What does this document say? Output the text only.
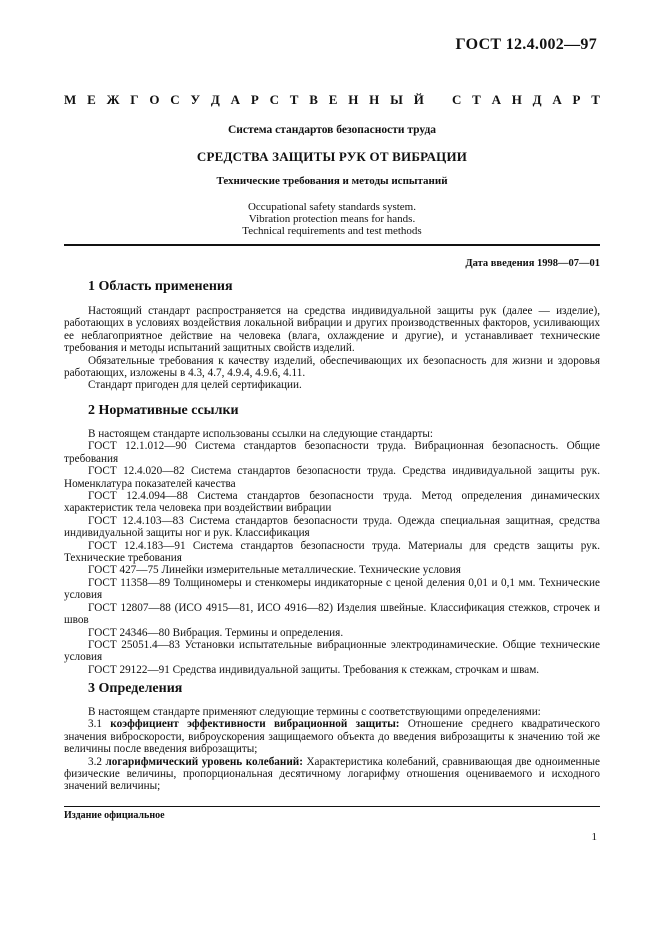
ГОСТ 12.4.002—97
М Е Ж Г О С У Д А Р С Т В Е Н Н Ы Й С Т А Н Д А Р Т
Система стандартов безопасности труда
СРЕДСТВА ЗАЩИТЫ РУК ОТ ВИБРАЦИИ
Технические требования и методы испытаний
Occupational safety standards system.
Vibration protection means for hands.
Technical requirements and test methods
Дата введения 1998—07—01
1 Область применения

Настоящий стандарт распространяется на средства индивидуальной защиты рук (далее — изделие), работающих в условиях воздействия локальной вибрации и других производственных факторов, усиливающих ее неблагоприятное действие на человека (влага, охлаждение и другие), и устанавливает технические требования и методы испытаний защитных свойств изделий.

Обязательные требования к качеству изделий, обеспечивающих их безопасность для жизни и здоровья работающих, изложены в 4.3, 4.7, 4.9.4, 4.9.6, 4.11.

Стандарт пригоден для целей сертификации.

2 Нормативные ссылки

В настоящем стандарте использованы ссылки на следующие стандарты:

ГОСТ 12.1.012—90 Система стандартов безопасности труда. Вибрационная безопасность. Общие требования

ГОСТ 12.4.020—82 Система стандартов безопасности труда. Средства индивидуальной защиты рук. Номенклатура показателей качества

ГОСТ 12.4.094—88 Система стандартов безопасности труда. Метод определения динамических характеристик тела человека при воздействии вибрации

ГОСТ 12.4.103—83 Система стандартов безопасности труда. Одежда специальная защитная, средства индивидуальной защиты ног и рук. Классификация

ГОСТ 12.4.183—91 Система стандартов безопасности труда. Материалы для средств защиты рук. Технические требования

ГОСТ 427—75 Линейки измерительные металлические. Технические условия

ГОСТ 11358—89 Толщиномеры и стенкомеры индикаторные с ценой деления 0,01 и 0,1 мм. Технические условия

ГОСТ 12807—88 (ИСО 4915—81, ИСО 4916—82) Изделия швейные. Классификация стежков, строчек и швов

ГОСТ 24346—80 Вибрация. Термины и определения.

ГОСТ 25051.4—83 Установки испытательные вибрационные электродинамические. Общие технические условия

ГОСТ 29122—91 Средства индивидуальной защиты. Требования к стежкам, строчкам и швам.

3 Определения

В настоящем стандарте применяют следующие термины с соответствующими определениями:

3.1 коэффициент эффективности вибрационной защиты: Отношение среднего квадратического значения виброскорости, виброускорения защищаемого объекта до введения виброзащиты к значению той же величины после введения виброзащиты;

3.2 логарифмический уровень колебаний: Характеристика колебаний, сравнивающая две одноименные физические величины, пропорциональная десятичному логарифму отношения оцениваемого и исходного значений величины;

Издание официальное
1
